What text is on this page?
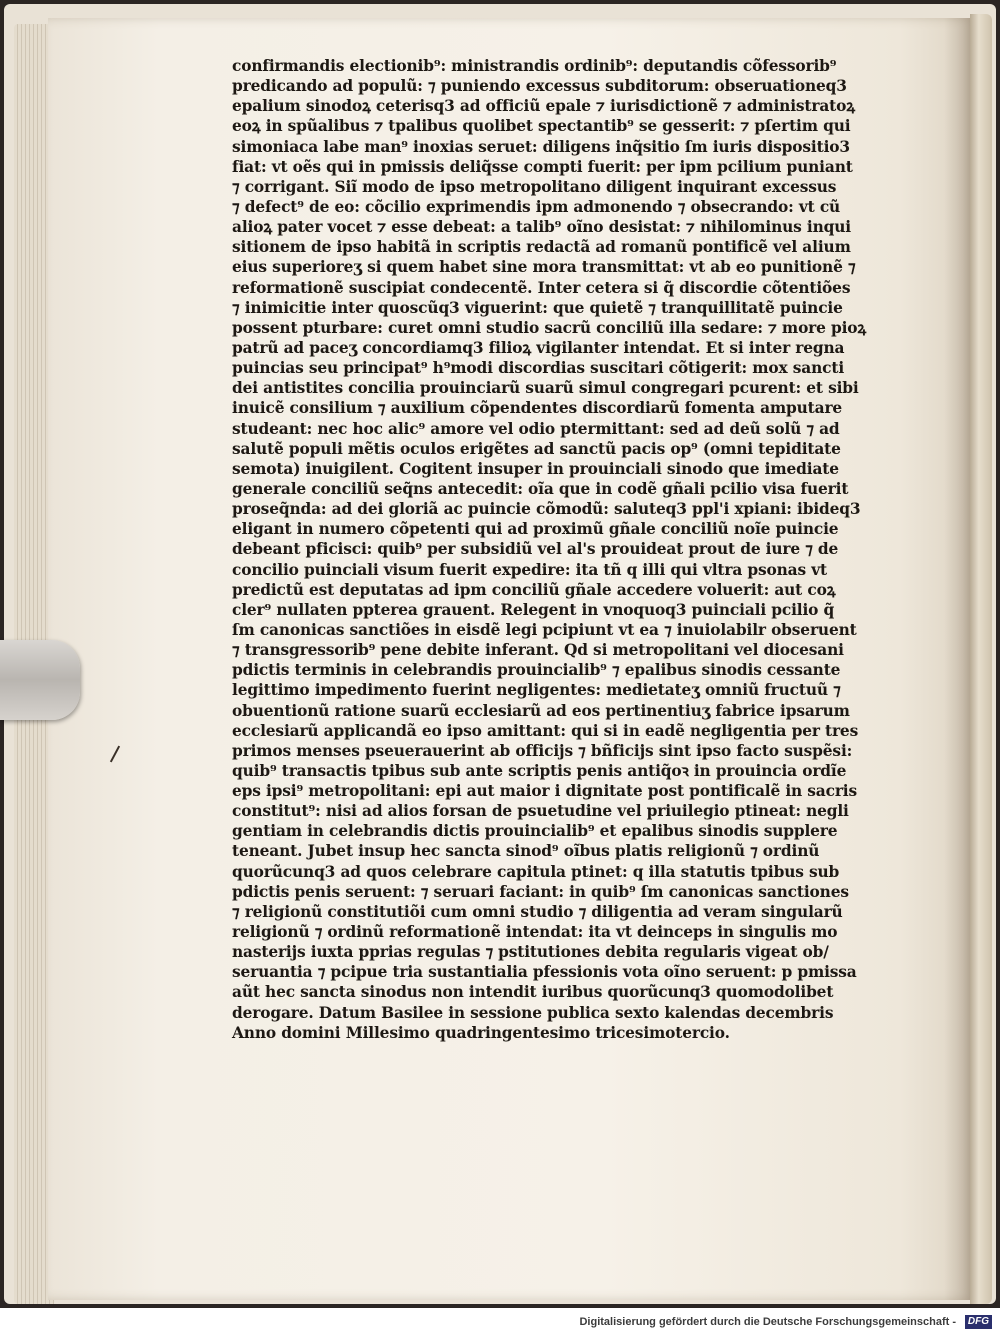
confirmandis electionib⁹: ministrandis ordinib⁹: deputandis cõfessorib⁹
predicando ad populũ: ⁊ puniendo excessus subditorum: obseruationeq3
epalium sinodoꝝ ceterisq3 ad officiũ epale ⁊ iurisdictionẽ ⁊ administratoꝝ
eoꝝ in spũalibus ⁊ tpalibus quolibet spectantib⁹ se gesserit: ⁊ pſertim qui
simoniaca labe man⁹ inoxias seruet: diligens inq̃sitio ſm iuris dispositio3
fiat: vt oẽs qui in pmissis deliq̃sse compti fuerit: per ipm pcilium puniant
⁊ corrigant. Siĩ modo de ipso metropolitano diligent inquirant excessus
⁊ defect⁹ de eo: cõcilio exprimendis ipm admonendo ⁊ obsecrando: vt cũ
alioꝝ pater vocet ⁊ esse debeat: a talib⁹ oĩno desistat: ⁊ nihilominus inqui
sitionem de ipso habitã in scriptis redactã ad romanũ pontificẽ vel alium
eius superioreʒ si quem habet sine mora transmittat: vt ab eo punitionẽ ⁊
reformationẽ suscipiat condecentẽ. Inter cetera si q̃ discordie cõtentiões
⁊ inimicitie inter quoscũq3 viguerint: que quietẽ ⁊ tranquillitatẽ puincie
possent pturbare: curet omni studio sacrũ conciliũ illa sedare: ⁊ more pioꝝ
patrũ ad paceʒ concordiamq3 filioꝝ vigilanter intendat. Et si inter regna
puincias seu principat⁹ h⁹modi discordias suscitari cõtigerit: mox sancti
dei antistites concilia prouinciarũ suarũ simul congregari pcurent: et sibi
inuicẽ consilium ⁊ auxilium cõpendentes discordiarũ fomenta amputare
studeant: nec hoc alic⁹ amore vel odio ptermittant: sed ad deũ solũ ⁊ ad
salutẽ populi mẽtis oculos erigẽtes ad sanctũ pacis op⁹ (omni tepiditate
semota) inuigilent. Cogitent insuper in prouinciali sinodo que imediate
generale conciliũ seq̃ns antecedit: oĩa que in codẽ gñali pcilio visa fuerit
proseq̃nda: ad dei gloriã ac puincie cõmodũ: saluteq3 ppl'i xpiani: ibideq3
eligant in numero cõpetenti qui ad proximũ gñale conciliũ noĩe puincie
debeant pficisci: quib⁹ per subsidiũ vel al's prouideat prout de iure ⁊ de
concilio puinciali visum fuerit expedire: ita tñ q illi qui vltra psonas vt
predictũ est deputatas ad ipm conciliũ gñale accedere voluerit: aut coꝝ
cler⁹ nullaten ppterea grauent. Relegent in vnoquoq3 puinciali pcilio q̃
ſm canonicas sanctiões in eisdẽ legi pcipiunt vt ea ⁊ inuiolabilr obseruent
⁊ transgressorib⁹ pene debite inferant. Qd si metropolitani vel diocesani
pdictis terminis in celebrandis prouincialib⁹ ⁊ epalibus sinodis cessante
legittimo impedimento fuerint negligentes: medietateʒ omniũ fructuũ ⁊
obuentionũ ratione suarũ ecclesiarũ ad eos pertinentiuʒ fabrice ipsarum
ecclesiarũ applicandã eo ipso amittant: qui si in eadẽ negligentia per tres
primos menses pseuerauerint ab officijs ⁊ bñficijs sint ipso facto suspẽsi:
quib⁹ transactis tpibus sub ante scriptis penis antiq̃oꝛ in prouincia ordĩe
eps ipsi⁹ metropolitani: epi aut maior i dignitate post pontificalẽ in sacris
constitut⁹: nisi ad alios forsan de psuetudine vel priuilegio ptineat: negli
gentiam in celebrandis dictis prouincialib⁹ et epalibus sinodis supplere
teneant. Jubet insup hec sancta sinod⁹ oĩbus platis religionũ ⁊ ordinũ
quorũcunq3 ad quos celebrare capitula ptinet: q illa statutis tpibus sub
pdictis penis seruent: ⁊ seruari faciant: in quib⁹ ſm canonicas sanctiones
⁊ religionũ constitutiõi cum omni studio ⁊ diligentia ad veram singularũ
religionũ ⁊ ordinũ reformationẽ intendat: ita vt deinceps in singulis mo
nasterijs iuxta pprias regulas ⁊ pstitutiones debita regularis vigeat ob/
seruantia ⁊ pcipue tria sustantialia pfessionis vota oĩno seruent: p pmissa
aũt hec sancta sinodus non intendit iuribus quorũcunq3 quomodolibet
derogare. Datum Basilee in sessione publica sexto kalendas decembris
Anno domini Millesimo quadringentesimo tricesimotercio.
Digitalisierung gefördert durch die Deutsche Forschungsgemeinschaft -	DFG
